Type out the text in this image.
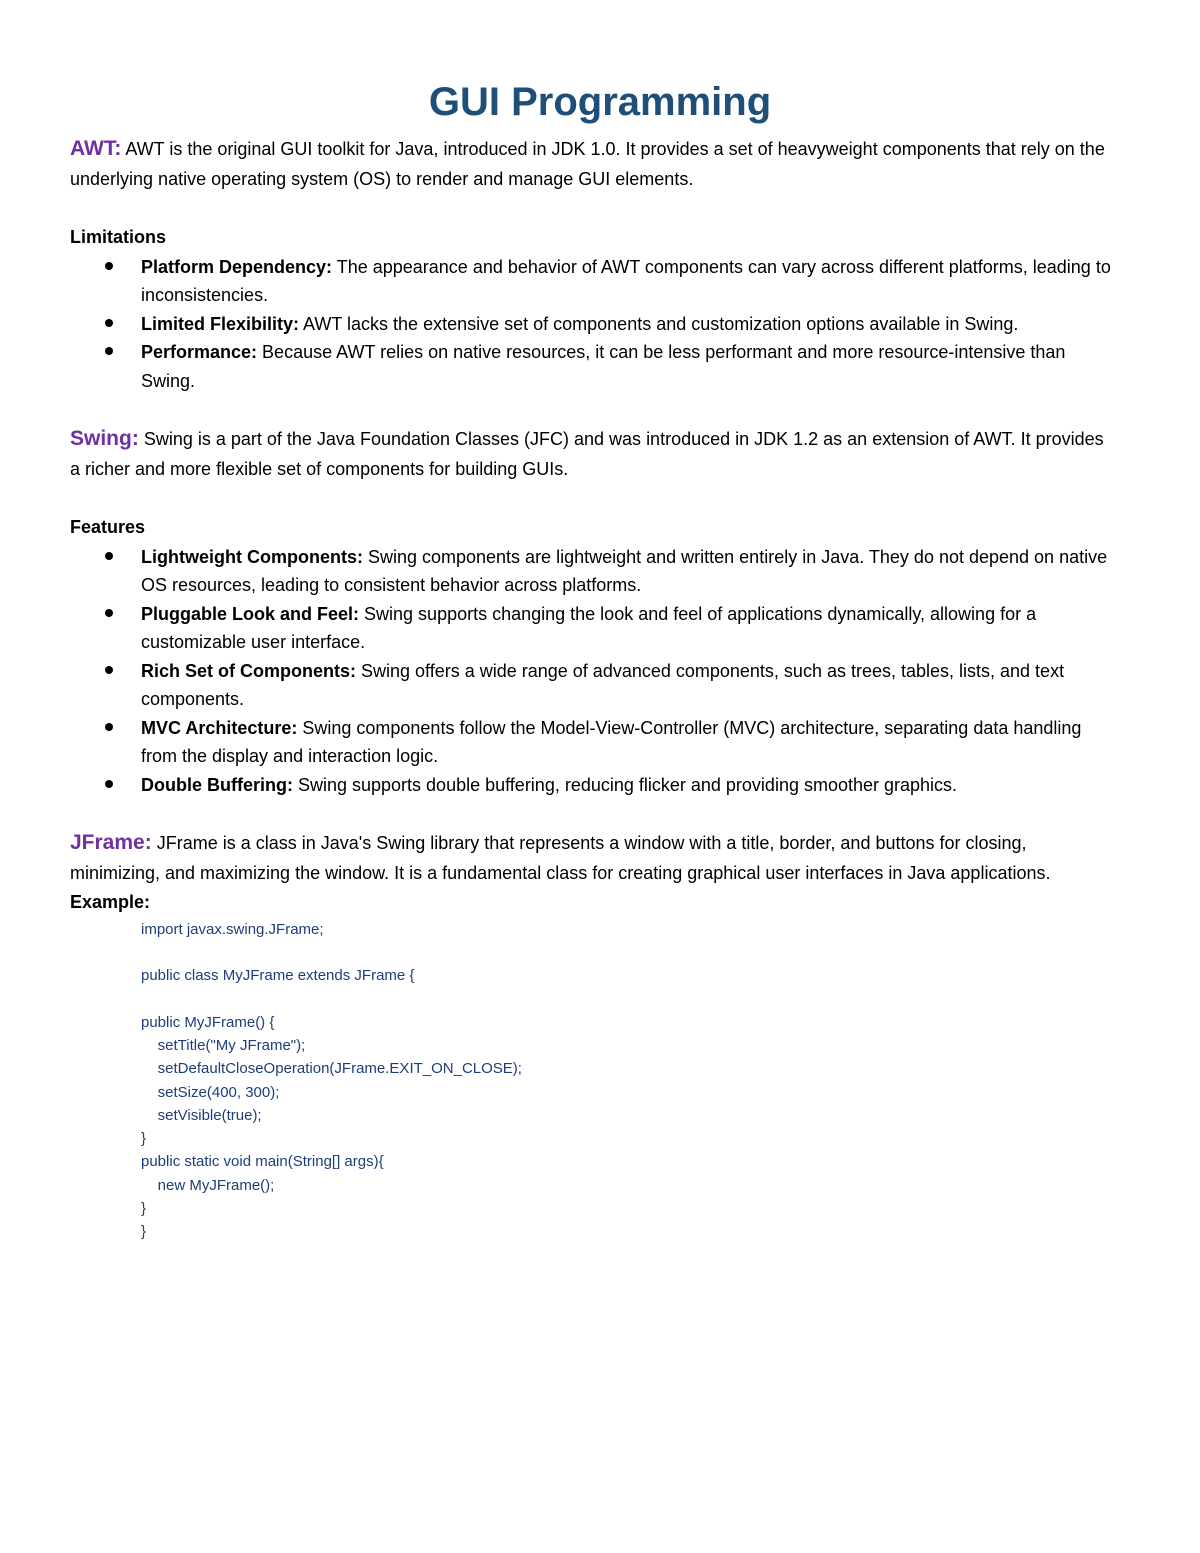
GUI Programming

AWT: AWT is the original GUI toolkit for Java, introduced in JDK 1.0. It provides a set of heavyweight components that rely on the underlying native operating system (OS) to render and manage GUI elements.

Limitations

Platform Dependency: The appearance and behavior of AWT components can vary across different platforms, leading to inconsistencies.
Limited Flexibility: AWT lacks the extensive set of components and customization options available in Swing.
Performance: Because AWT relies on native resources, it can be less performant and more resource-intensive than Swing.

Swing: Swing is a part of the Java Foundation Classes (JFC) and was introduced in JDK 1.2 as an extension of AWT. It provides a richer and more flexible set of components for building GUIs.

Features

Lightweight Components: Swing components are lightweight and written entirely in Java. They do not depend on native OS resources, leading to consistent behavior across platforms.
Pluggable Look and Feel: Swing supports changing the look and feel of applications dynamically, allowing for a customizable user interface.
Rich Set of Components: Swing offers a wide range of advanced components, such as trees, tables, lists, and text components.
MVC Architecture: Swing components follow the Model-View-Controller (MVC) architecture, separating data handling from the display and interaction logic.
Double Buffering: Swing supports double buffering, reducing flicker and providing smoother graphics.

JFrame: JFrame is a class in Java's Swing library that represents a window with a title, border, and buttons for closing, minimizing, and maximizing the window. It is a fundamental class for creating graphical user interfaces in Java applications.

Example:

import javax.swing.JFrame;
public class MyJFrame extends JFrame {
public MyJFrame() {
setTitle("My JFrame");
setDefaultCloseOperation(JFrame.EXIT_ON_CLOSE);
setSize(400, 300);
setVisible(true);
}
public static void main(String[] args){
new MyJFrame();
}
}
